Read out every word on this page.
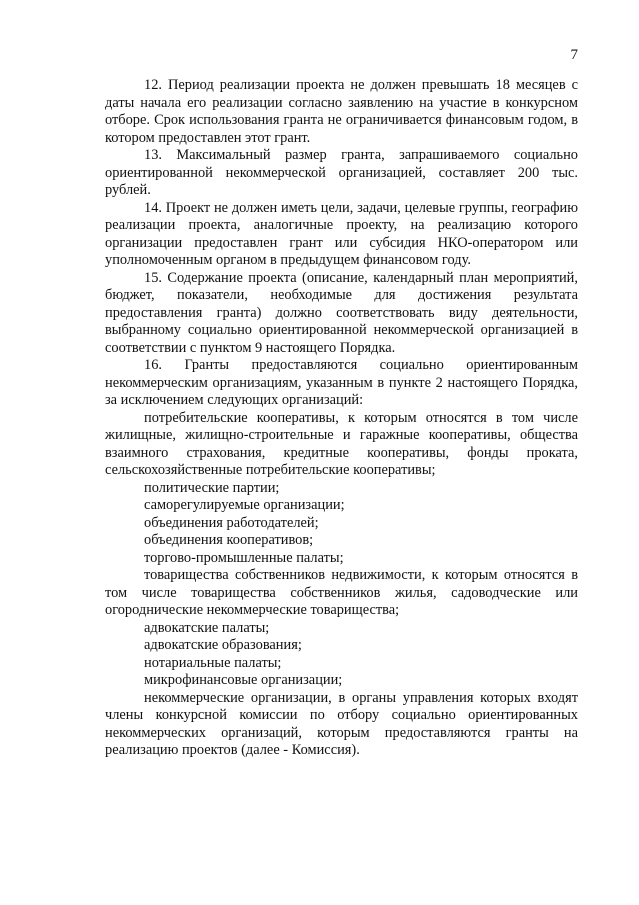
7

12. Период реализации проекта не должен превышать 18 месяцев с даты начала его реализации согласно заявлению на участие в конкурсном отборе. Срок использования гранта не ограничивается финансовым годом, в котором предоставлен этот грант.

13. Максимальный размер гранта, запрашиваемого социально ориентированной некоммерческой организацией, составляет 200 тыс. рублей.

14. Проект не должен иметь цели, задачи, целевые группы, географию реализации проекта, аналогичные проекту, на реализацию которого организации предоставлен грант или субсидия НКО-оператором или уполномоченным органом в предыдущем финансовом году.

15. Содержание проекта (описание, календарный план мероприятий, бюджет, показатели, необходимые для достижения результата предоставления гранта) должно соответствовать виду деятельности, выбранному социально ориентированной некоммерческой организацией в соответствии с пунктом 9 настоящего Порядка.

16. Гранты предоставляются социально ориентированным некоммерческим организациям, указанным в пункте 2 настоящего Порядка, за исключением следующих организаций:

потребительские кооперативы, к которым относятся в том числе жилищные, жилищно-строительные и гаражные кооперативы, общества взаимного страхования, кредитные кооперативы, фонды проката, сельскохозяйственные потребительские кооперативы;

политические партии;

саморегулируемые организации;

объединения работодателей;

объединения кооперативов;

торгово-промышленные палаты;

товарищества собственников недвижимости, к которым относятся в том числе товарищества собственников жилья, садоводческие или огороднические некоммерческие товарищества;

адвокатские палаты;

адвокатские образования;

нотариальные палаты;

микрофинансовые организации;

некоммерческие организации, в органы управления которых входят члены конкурсной комиссии по отбору социально ориентированных некоммерческих организаций, которым предоставляются гранты на реализацию проектов (далее - Комиссия).
